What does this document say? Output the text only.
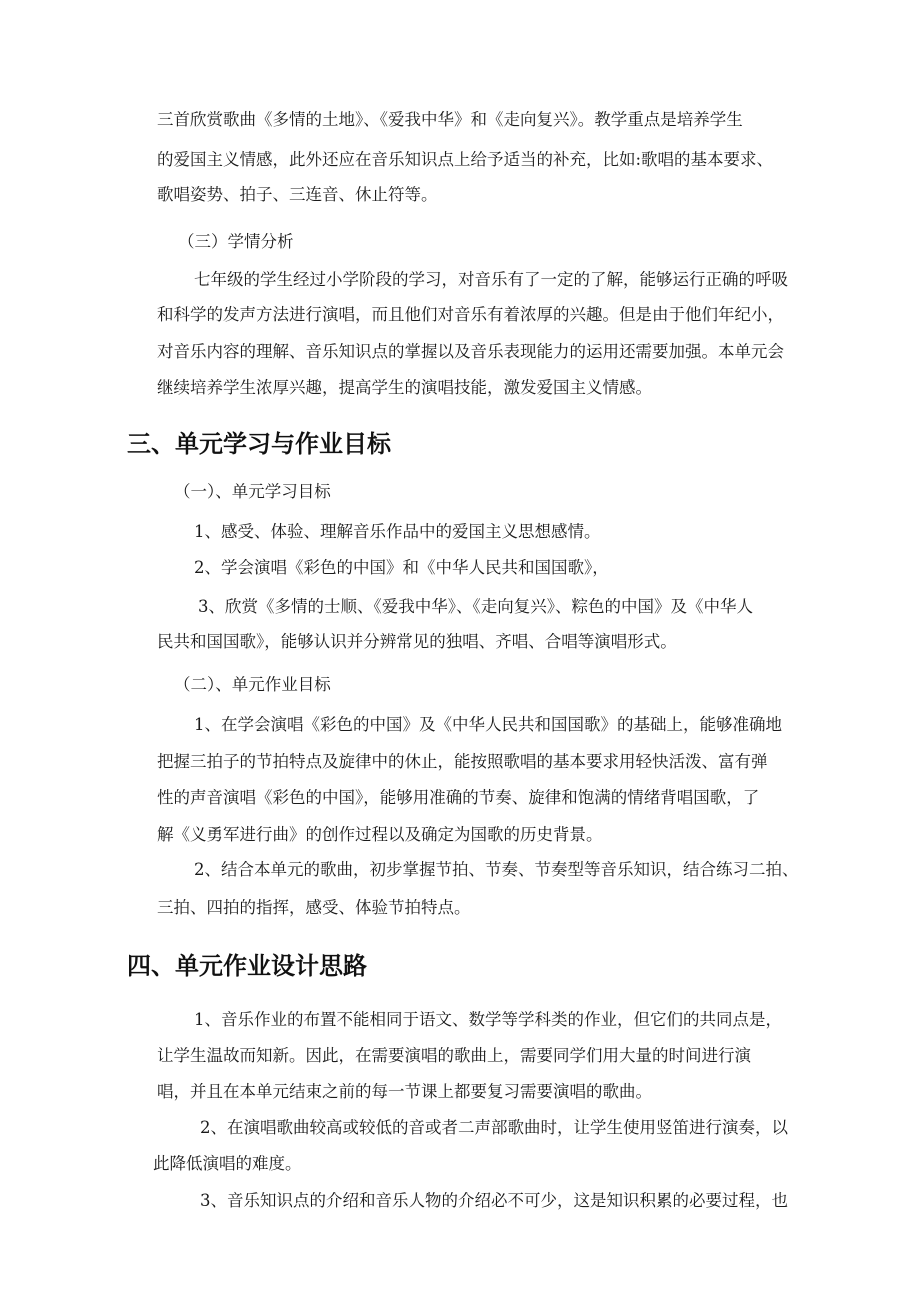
三首欣赏歌曲《多情的土地》、《爱我中华》和《走向复兴》。教学重点是培养学生
的爱国主义情感，此外还应在音乐知识点上给予适当的补充，比如:歌唱的基本要求、
歌唱姿势、拍子、三连音、休止符等。
（三）学情分析
七年级的学生经过小学阶段的学习，对音乐有了一定的了解，能够运行正确的呼吸
和科学的发声方法进行演唱，而且他们对音乐有着浓厚的兴趣。但是由于他们年纪小，
对音乐内容的理解、音乐知识点的掌握以及音乐表现能力的运用还需要加强。本单元会
继续培养学生浓厚兴趣，提高学生的演唱技能，激发爱国主义情感。
三、单元学习与作业目标
（一）、单元学习目标
1、感受、体验、理解音乐作品中的爱国主义思想感情。
2、学会演唱《彩色的中国》和《中华人民共和国国歌》，
3、欣赏《多情的士顺、《爱我中华》、《走向复兴》、粽色的中国》及《中华人
民共和国国歌》，能够认识并分辨常见的独唱、齐唱、合唱等演唱形式。
（二）、单元作业目标
1、在学会演唱《彩色的中国》及《中华人民共和国国歌》的基础上，能够准确地
把握三拍子的节拍特点及旋律中的休止，能按照歌唱的基本要求用轻快活泼、富有弹
性的声音演唱《彩色的中国》，能够用准确的节奏、旋律和饱满的情绪背唱国歌，了
解《义勇军进行曲》的创作过程以及确定为国歌的历史背景。
2、结合本单元的歌曲，初步掌握节拍、节奏、节奏型等音乐知识，结合练习二拍、
三拍、四拍的指挥，感受、体验节拍特点。
四、单元作业设计思路
1、音乐作业的布置不能相同于语文、数学等学科类的作业，但它们的共同点是，
让学生温故而知新。因此，在需要演唱的歌曲上，需要同学们用大量的时间进行演
唱，并且在本单元结束之前的每一节课上都要复习需要演唱的歌曲。
2、在演唱歌曲较高或较低的音或者二声部歌曲时，让学生使用竖笛进行演奏，以
此降低演唱的难度。
3、音乐知识点的介绍和音乐人物的介绍必不可少，这是知识积累的必要过程，也
